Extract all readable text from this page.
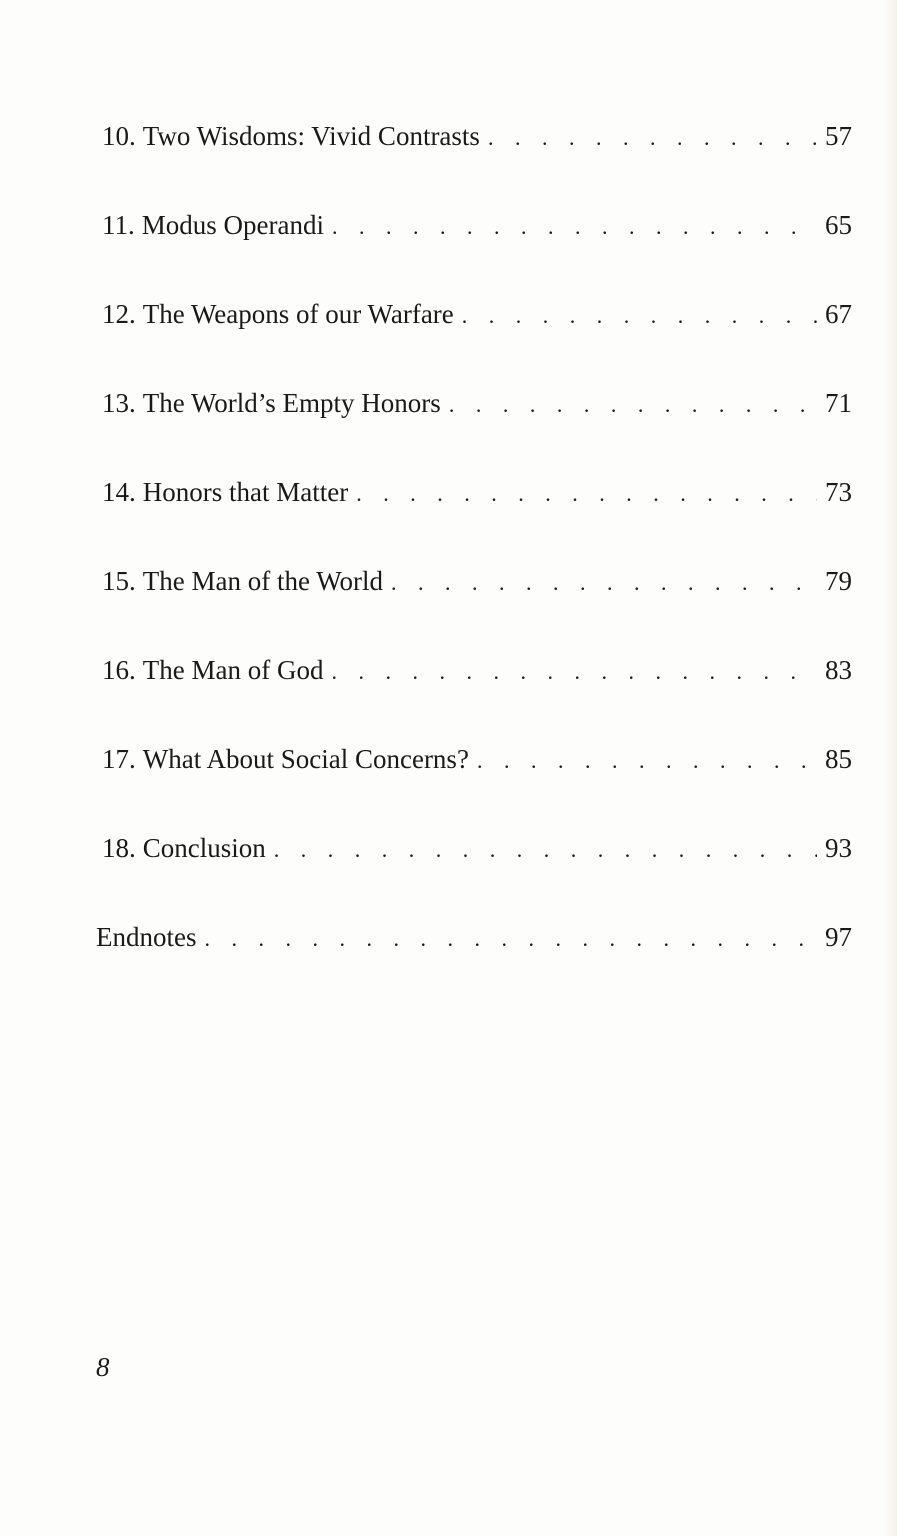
10. Two Wisdoms: Vivid Contrasts . . .	57
11. Modus Operandi . . .	65
12. The Weapons of our Warfare . . .	67
13. The World’s Empty Honors . . .	71
14. Honors that Matter . . .	73
15. The Man of the World . . .	79
16. The Man of God . . .	83
17. What About Social Concerns? . . .	85
18. Conclusion . . .	93
Endnotes . . .	97
8
